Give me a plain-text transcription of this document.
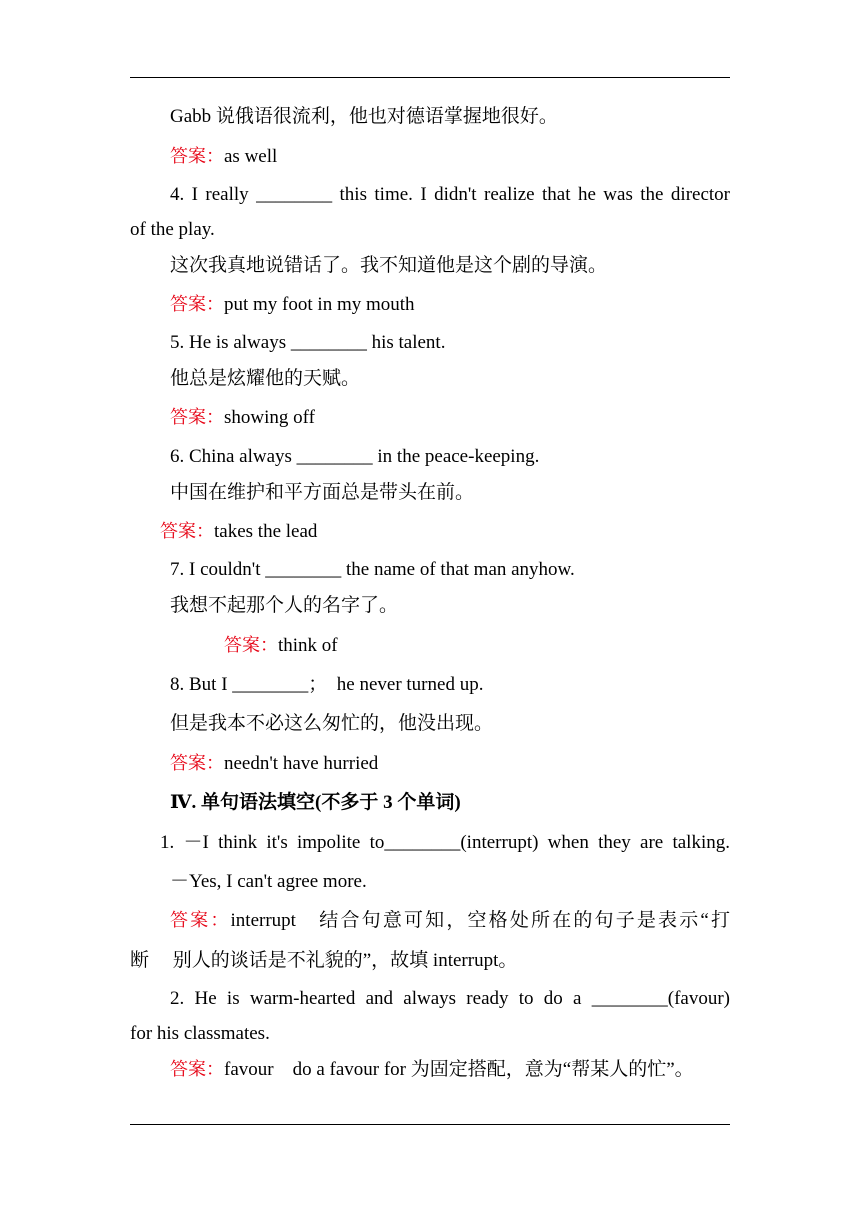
Gabb 说俄语很流利，他也对德语掌握地很好。
答案：as well
4. I really ________ this time. I didn't realize that he was the director
of the play.
这次我真地说错话了。我不知道他是这个剧的导演。
答案：put my foot in my mouth
5. He is always ________ his talent.
他总是炫耀他的天赋。
答案：showing off
6. China always ________ in the peace-keeping.
中国在维护和平方面总是带头在前。
答案：takes the lead
7. I couldn't ________ the name of that man anyhow.
我想不起那个人的名字了。
答案：think of
8. But I ________；　he never turned up.
但是我本不必这么匆忙的，他没出现。
答案：needn't have hurried
Ⅳ. 单句语法填空(不多于 3 个单词)
1. －I think it's impolite to________(interrupt) when they are talking.
－Yes, I can't agree more.
答案：interrupt　结合句意可知，空格处所在的句子是表示“打
断　 别人的谈话是不礼貌的”，故填 interrupt。
2. He is warm-hearted and always ready to do a ________(favour)
for his classmates.
答案：favour　do a favour for 为固定搭配，意为“帮某人的忙”。
